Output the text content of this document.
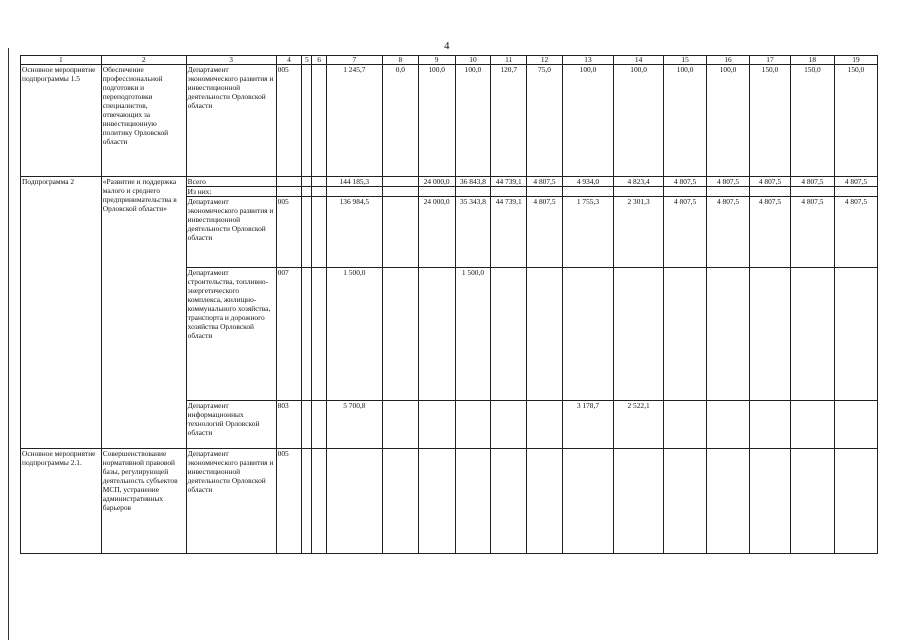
4
1	2	3	4	5	6	7	8	9	10	11	12	13	14	15	16	17	18	19
Основное мероприятие подпрограммы 1.5	Обеспечение профессиональной подготовки и переподготовки специалистов, отвечающих за инвестиционную политику Орловской области	Департамент экономического развития и инвестиционной деятельности Орловской области	005			1 245,7	0,0	100,0	100,0	120,7	75,0	100,0	100,0	100,0	100,0	150,0	150,0	150,0
Подпрограмма 2	«Развитие и поддержка малого и среднего предпринимательства в Орловской области»	Всего				144 185,3		24 000,0	36 843,8	44 739,1	4 807,5	4 934,0	4 823,4	4 807,5	4 807,5	4 807,5	4 807,5	4 807,5
		Из них:																
		Департамент экономического развития и инвестиционной деятельности Орловской области	005			136 984,5		24 000,0	35 343,8	44 739,1	4 807,5	1 755,3	2 301,3	4 807,5	4 807,5	4 807,5	4 807,5	4 807,5
		Департамент строительства, топливно-энергетического комплекса, жилищно-коммунального хозяйства, транспорта и дорожного хозяйства Орловской области	007			1 500,0			1 500,0									
		Департамент информационных технологий Орловской области	803			5 700,8						3 178,7	2 522,1					
Основное мероприятие подпрограммы 2.1.	Совершенствование нормативной правовой базы, регулирующей деятельность субъектов МСП, устранение административных барьеров	Департамент экономического развития и инвестиционной деятельности Орловской области	005															
